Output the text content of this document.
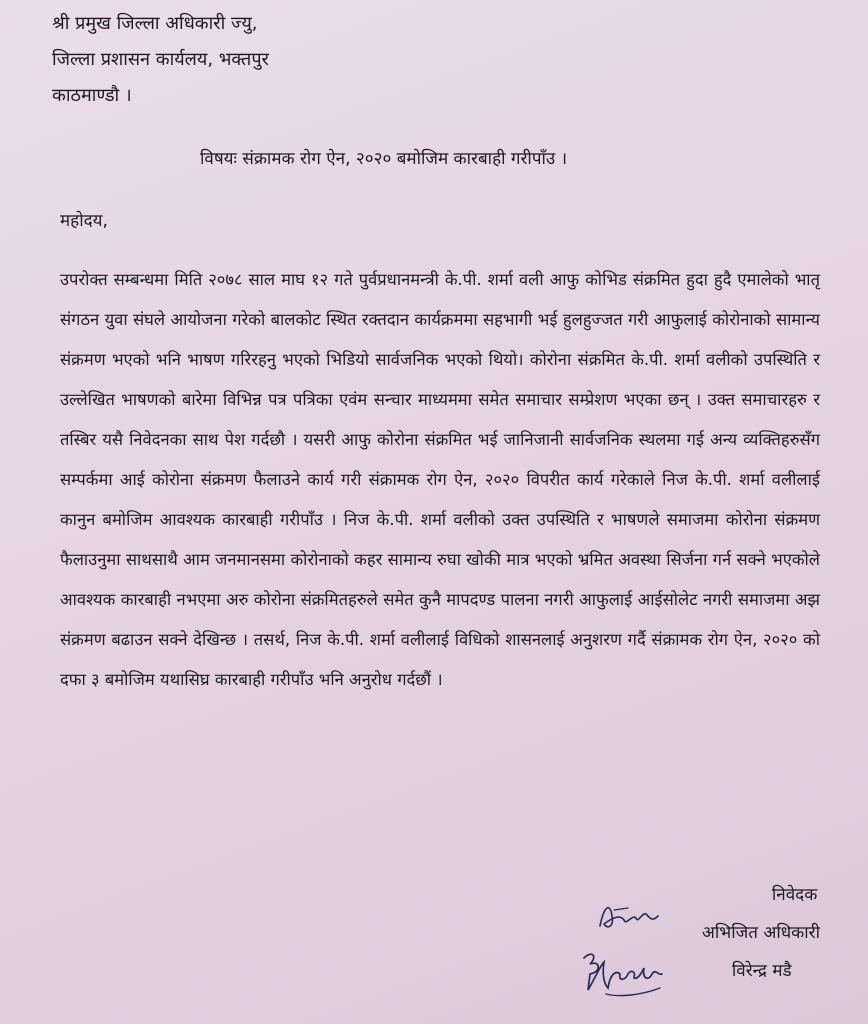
श्री प्रमुख जिल्ला अधिकारी ज्यु,
जिल्ला प्रशासन कार्यलय, भक्तपुर
काठमाण्डौ ।
विषयः संक्रामक रोग ऐन, २०२० बमोजिम कारबाही गरीपाँउ ।
महोदय,

उपरोक्त सम्बन्धमा मिति २०७८ साल माघ १२ गते पुर्वप्रधानमन्त्री के.पी. शर्मा वली आफु कोभिड संक्रमित हुदा हुदै एमालेको भातृ संगठन युवा संघले आयोजना गरेको बालकोट स्थित रक्तदान कार्यक्रममा सहभागी भई हुलहुज्जत गरी आफुलाई कोरोनाको सामान्य संक्रमण भएको भनि भाषण गरिरहनु भएको भिडियो सार्वजनिक भएको थियो। कोरोना संक्रमित के.पी. शर्मा वलीको उपस्थिति र उल्लेखित भाषणको बारेमा विभिन्न पत्र पत्रिका एवंम सन्चार माध्यममा समेत समाचार सम्प्रेशण भएका छन् । उक्त समाचारहरु र तस्बिर यसै निवेदनका साथ पेश गर्दछौ । यसरी आफु कोरोना संक्रमित भई जानिजानी सार्वजनिक स्थलमा गई अन्य व्यक्तिहरुसँग सम्पर्कमा आई कोरोना संक्रमण फैलाउने कार्य गरी संक्रामक रोग ऐन, २०२० विपरीत कार्य गरेकाले निज के.पी. शर्मा वलीलाई कानुन बमोजिम आवश्यक कारबाही गरीपाँउ । निज के.पी. शर्मा वलीको उक्त उपस्थिति र भाषणले समाजमा कोरोना संक्रमण फैलाउनुमा साथसाथै आम जनमानसमा कोरोनाको कहर सामान्य रुघा खोकी मात्र भएको भ्रमित अवस्था सिर्जना गर्न सक्ने भएकोले आवश्यक कारबाही नभएमा अरु कोरोना संक्रमितहरुले समेत कुनै मापदण्ड पालना नगरी आफुलाई आईसोलेट नगरी समाजमा अझ संक्रमण बढाउन सक्ने देखिन्छ । तसर्थ, निज के.पी. शर्मा वलीलाई विधिको शासनलाई अनुशरण गर्दै संक्रामक रोग ऐन, २०२० को दफा ३ बमोजिम यथासिघ्र कारबाही गरीपाँउ भनि अनुरोध गर्दछौं ।

निवेदक
अभिजित अधिकारी
विरेन्द्र मडै
